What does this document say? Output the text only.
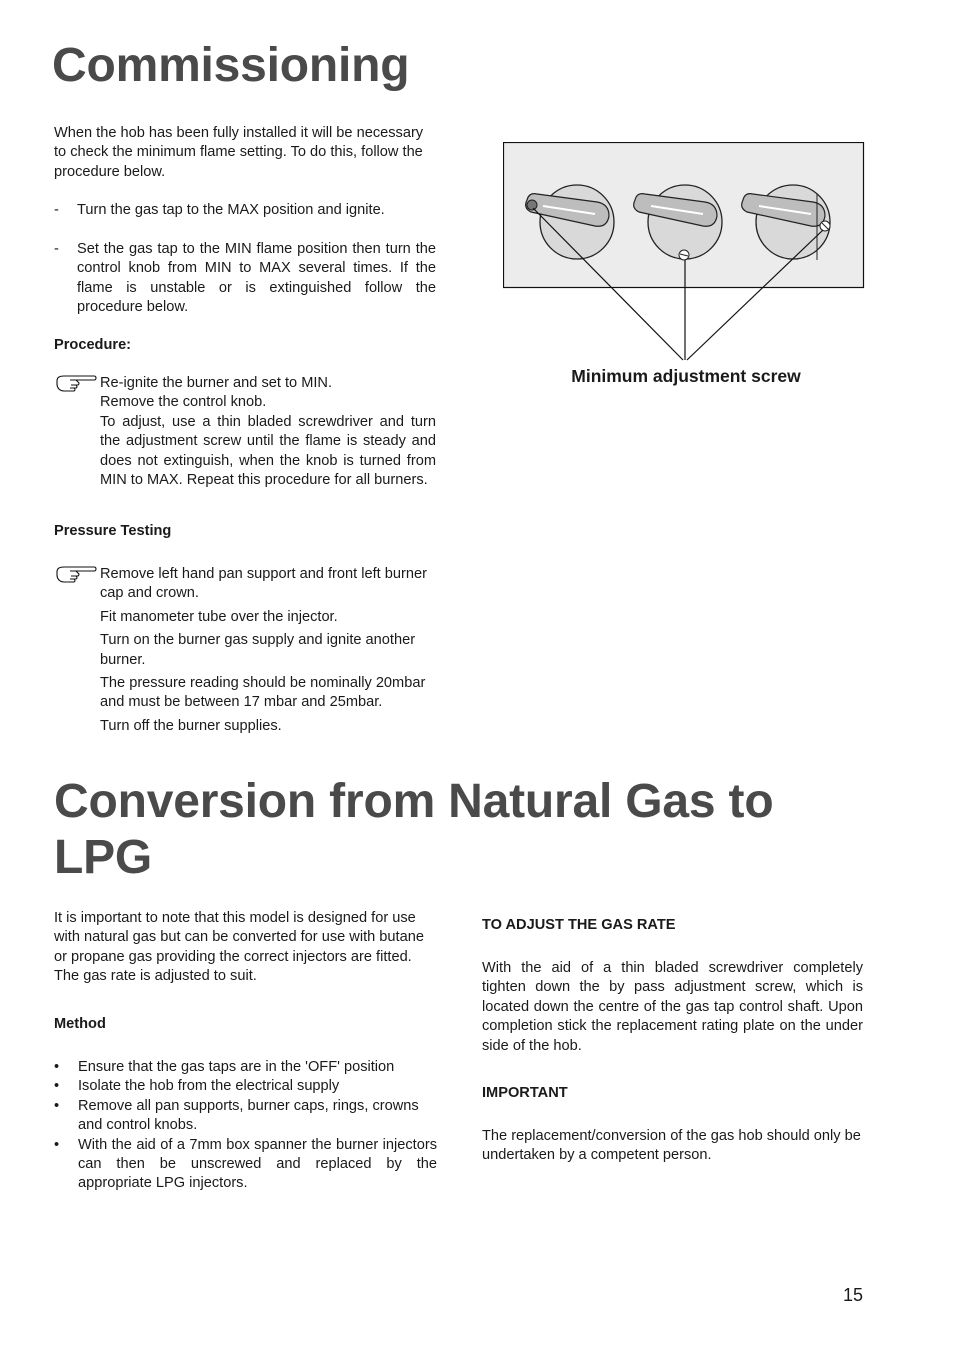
Commissioning

When the hob has been fully installed it will be necessary to check the minimum flame setting. To do this, follow the procedure below.

- Turn the gas tap to the MAX position and ignite.

- Set the gas tap to the MIN flame position then turn the control knob from MIN to MAX several times. If the flame is unstable or is extinguished follow the procedure below.

Procedure:

Re-ignite the burner and set to MIN.

Remove the control knob.

To adjust, use a thin bladed screwdriver and turn the adjustment screw until the flame is steady and does not extinguish, when the knob is turned from MIN to MAX. Repeat this procedure for all burners.

Pressure Testing

Remove left hand pan support and front left burner cap and crown.

Fit manometer tube over the injector.

Turn on the burner gas supply and ignite another burner.

The pressure reading should be nominally 20mbar and must be between 17 mbar and 25mbar.

Turn off the burner supplies.

Minimum adjustment screw

Conversion from Natural Gas to
LPG

It is important to note that this model is designed for use with natural gas but can be converted for use with butane or propane gas providing the correct injectors are fitted. The gas rate is adjusted to suit.

Method

• Ensure that the gas taps are in the 'OFF' position
• Isolate the hob from the electrical supply
• Remove all pan supports, burner caps, rings, crowns and control knobs.
• With the aid of a 7mm box spanner the burner injectors can then be unscrewed and replaced by the appropriate LPG injectors.

TO ADJUST THE GAS RATE

With the aid of a thin bladed screwdriver completely tighten down the by pass adjustment screw, which is located down the centre of the gas tap control shaft. Upon completion stick the replacement rating plate on the under side of the hob.

IMPORTANT

The replacement/conversion of the gas hob should only be undertaken by a competent person.

15
